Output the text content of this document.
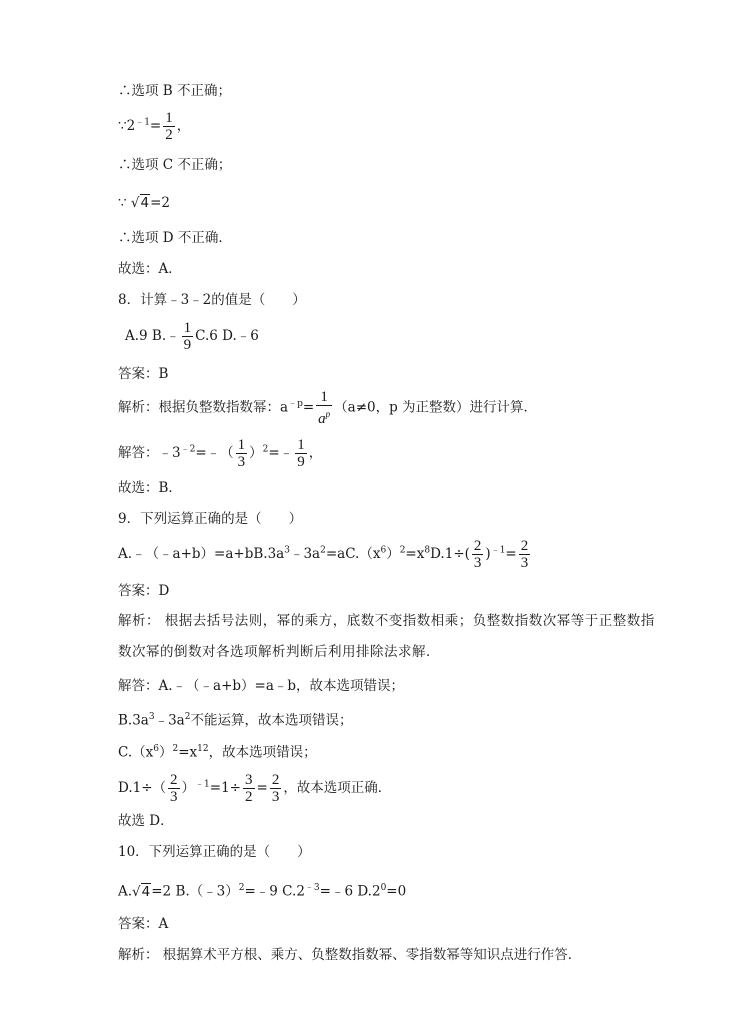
∴选项 B 不正确；
$\because 2^{﹣1}= \frac{1}{2}$ ，
∴选项 C 不正确；
∵ √4=2
∴选项 D 不正确．
故选：A．
8．计算﹣3﹣2的值是（　　）
A.9 B.﹣ $\frac{1}{9} C.6$ D.﹣6
答案：B
解析：根据负整数指数幂：$a^{﹣p}= \frac{1}{a^p} (a\ne 0$，p 为正整数）进行计算．
解答：$﹣3^{﹣2}=﹣( \frac{1}{3}$ ）$^2$=﹣ $\frac{1}{9}$ ，
故选：B．
9．下列运算正确的是（　　）
$A.﹣(﹣a+b)=a+bB.3a^3﹣3a^2=aC.(x^6)^2=x^8D.1\div( \frac{2}{3} )^{﹣1}= \frac{2}{3}$
答案：D
解析： 根据去括号法则，幂的乘方，底数不变指数相乘；负整数指数次幂等于正整数指数次幂的倒数对各选项解析判断后利用排除法求解．
解答：A.﹣（﹣a+b）=a﹣b，故本选项错误；
$B.3a^3﹣3a^2$不能运算，故本选项错误；
$C.(x^6)^2=x^{12}$，故本选项错误；
$D.1\div( \frac{2}{3} )^{﹣1}=1\div \frac{3}{2} = \frac{2}{3}$ ，故本选项正确．
故选 D．
10．下列运算正确的是（　　）
A.√4=2 B.（﹣3）$^2$=﹣9 $C.2^{﹣3}=﹣6$ $D.2^0=0$
答案：A
解析： 根据算术平方根、乘方、负整数指数幂、零指数幂等知识点进行作答．
